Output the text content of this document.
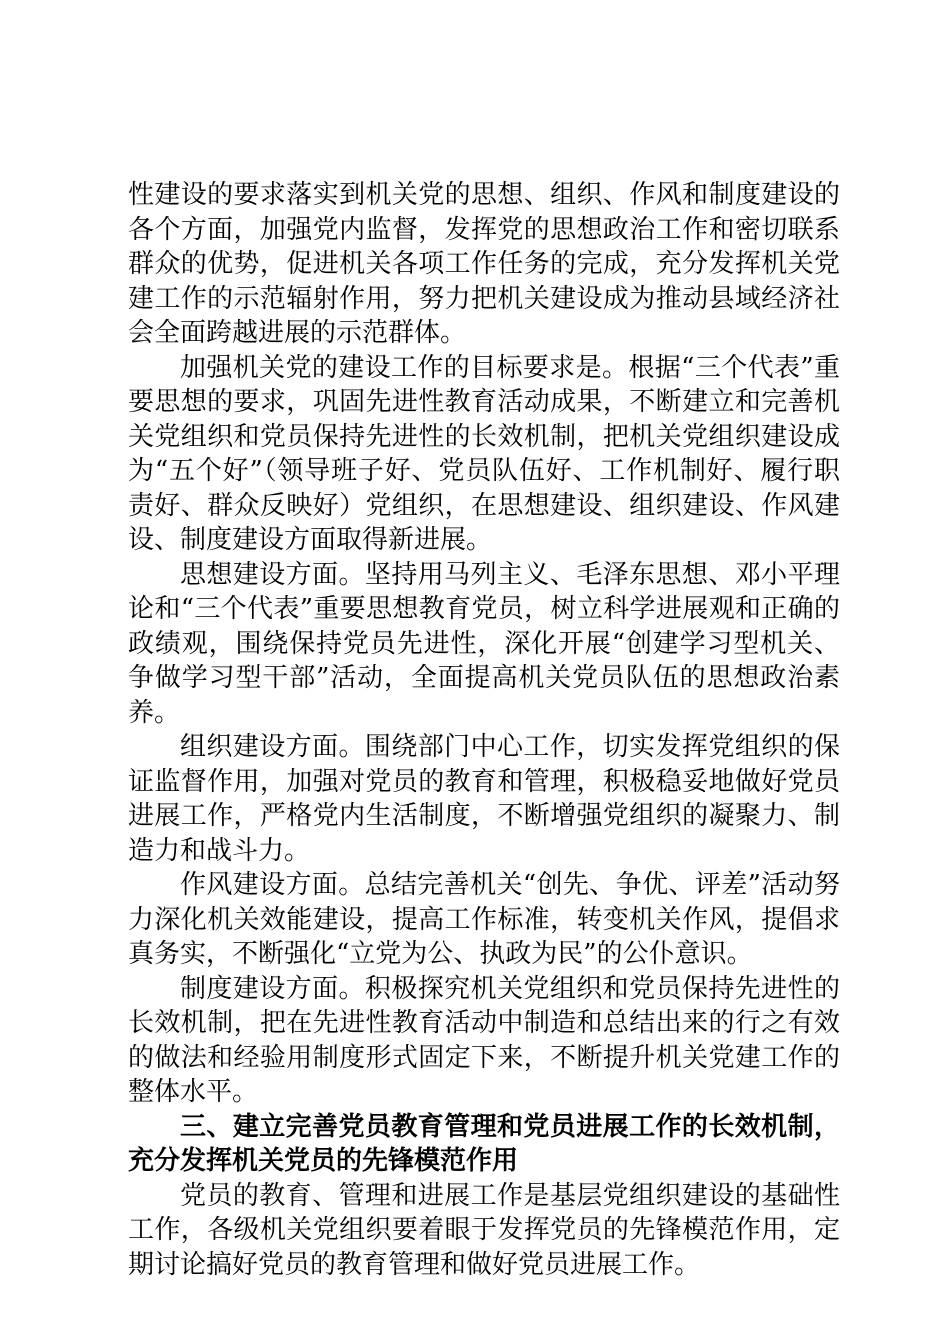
性建设的要求落实到机关党的思想、组织、作风和制度建设的各个方面，加强党内监督，发挥党的思想政治工作和密切联系群众的优势，促进机关各项工作任务的完成，充分发挥机关党建工作的示范辐射作用，努力把机关建设成为推动县域经济社会全面跨越进展的示范群体。

加强机关党的建设工作的目标要求是。根据“三个代表”重要思想的要求，巩固先进性教育活动成果，不断建立和完善机关党组织和党员保持先进性的长效机制，把机关党组织建设成为“五个好”（领导班子好、党员队伍好、工作机制好、履行职责好、群众反映好）党组织，在思想建设、组织建设、作风建设、制度建设方面取得新进展。

思想建设方面。坚持用马列主义、毛泽东思想、邓小平理论和“三个代表”重要思想教育党员，树立科学进展观和正确的政绩观，围绕保持党员先进性，深化开展“创建学习型机关、争做学习型干部”活动，全面提高机关党员队伍的思想政治素养。

组织建设方面。围绕部门中心工作，切实发挥党组织的保证监督作用，加强对党员的教育和管理，积极稳妥地做好党员进展工作，严格党内生活制度，不断增强党组织的凝聚力、制造力和战斗力。

作风建设方面。总结完善机关“创先、争优、评差”活动努力深化机关效能建设，提高工作标准，转变机关作风，提倡求真务实，不断强化“立党为公、执政为民”的公仆意识。

制度建设方面。积极探究机关党组织和党员保持先进性的长效机制，把在先进性教育活动中制造和总结出来的行之有效的做法和经验用制度形式固定下来，不断提升机关党建工作的整体水平。

三、建立完善党员教育管理和党员进展工作的长效机制，充分发挥机关党员的先锋模范作用

党员的教育、管理和进展工作是基层党组织建设的基础性工作，各级机关党组织要着眼于发挥党员的先锋模范作用，定期讨论搞好党员的教育管理和做好党员进展工作。
